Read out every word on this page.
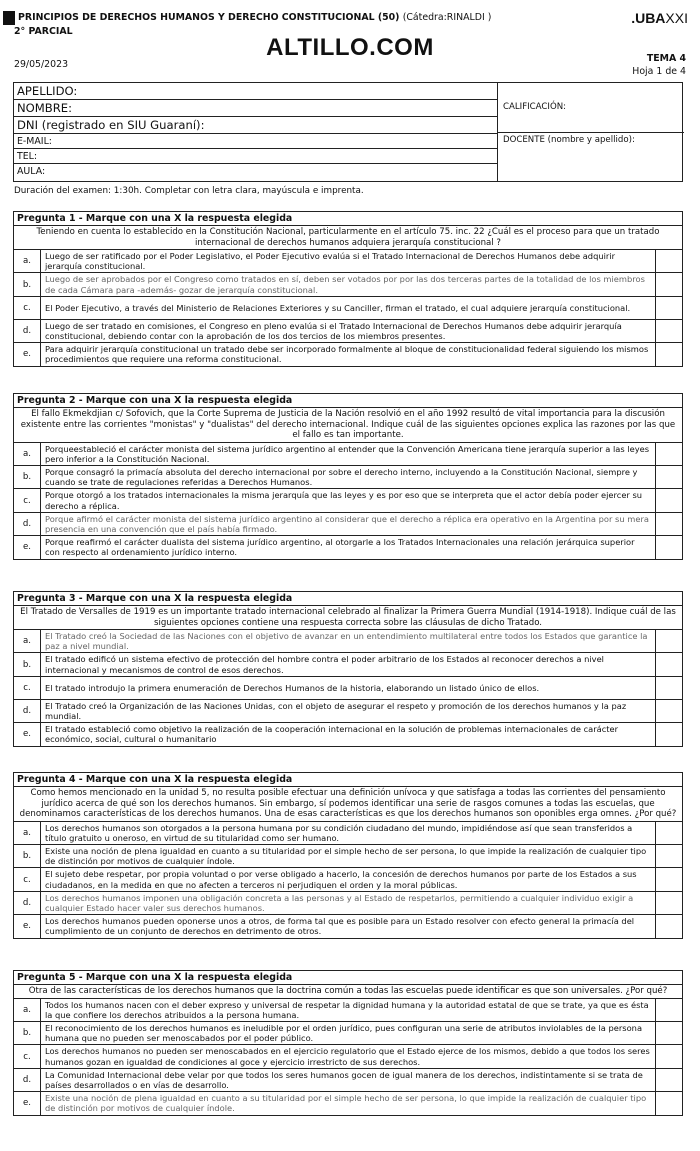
PRINCIPIOS DE DERECHOS HUMANOS Y DERECHO CONSTITUCIONAL (50) (Cátedra:RINALDI )
2° PARCIAL
ALTILLO.COM
.UBAXXI
29/05/2023
TEMA 4
Hoja 1 de 4
APELLIDO:
NOMBRE:
DNI (registrado en SIU Guaraní):
E-MAIL:
TEL:
AULA:
CALIFICACIÓN:
DOCENTE (nombre y apellido):
Duración del examen: 1:30h. Completar con letra clara, mayúscula e imprenta.
Pregunta 1 - Marque con una X la respuesta elegida
Teniendo en cuenta lo establecido en la Constitución Nacional, particularmente en el artículo 75. inc. 22 ¿Cuál es el proceso para que un tratado internacional de derechos humanos adquiera jerarquía constitucional ?
a.
Luego de ser ratificado por el Poder Legislativo, el Poder Ejecutivo evalúa si el Tratado Internacional de Derechos Humanos debe adquirir jerarquía constitucional.
b.
Luego de ser aprobados por el Congreso como tratados en sí, deben ser votados por por las dos terceras partes de la totalidad de los miembros de cada Cámara para -además- gozar de jerarquía constitucional.
c.	El Poder Ejecutivo, a través del Ministerio de Relaciones Exteriores y su Canciller, firman el tratado, el cual adquiere jerarquía constitucional.
d.
Luego de ser tratado en comisiones, el Congreso en pleno evalúa si el Tratado Internacional de Derechos Humanos debe adquirir jerarquía constitucional, debiendo contar con la aprobación de los dos tercios de los miembros presentes.
e.
Para adquirir jerarquía constitucional un tratado debe ser incorporado formalmente al bloque de constitucionalidad federal siguiendo los mismos procedimientos que requiere una reforma constitucional.
Pregunta 2 - Marque con una X la respuesta elegida
El fallo Ekmekdjian c/ Sofovich, que la Corte Suprema de Justicia de la Nación resolvió en el año 1992 resultó de vital importancia para la discusión existente entre las corrientes "monistas" y "dualistas" del derecho internacional. Indique cuál de las siguientes opciones explica las razones por las que el fallo es tan importante.
a.
Porqueestableció el carácter monista del sistema jurídico argentino al entender que la Convención Americana tiene jerarquía superior a las leyes pero inferior a la Constitución Nacional.
b.
Porque consagró la primacía absoluta del derecho internacional por sobre el derecho interno, incluyendo a la Constitución Nacional, siempre y cuando se trate de regulaciones referidas a Derechos Humanos.
c.
Porque otorgó a los tratados internacionales la misma jerarquía que las leyes y es por eso que se interpreta que el actor debía poder ejercer su derecho a réplica.
d.
Porque afirmó el carácter monista del sistema jurídico argentino al considerar que el derecho a réplica era operativo en la Argentina por su mera presencia en una convención que el país había firmado.
e.
Porque reafirmó el carácter dualista del sistema jurídico argentino, al otorgarle a los Tratados Internacionales una relación jerárquica superior con respecto al ordenamiento jurídico interno.
Pregunta 3 - Marque con una X la respuesta elegida
El Tratado de Versalles de 1919 es un importante tratado internacional celebrado al finalizar la Primera Guerra Mundial (1914-1918). Indique cuál de las siguientes opciones contiene una respuesta correcta sobre las cláusulas de dicho Tratado.
a.
El Tratado creó la Sociedad de las Naciones con el objetivo de avanzar en un entendimiento multilateral entre todos los Estados que garantice la paz a nivel mundial.
b.
El tratado edificó un sistema efectivo de protección del hombre contra el poder arbitrario de los Estados al reconocer derechos a nivel internacional y mecanismos de control de esos derechos.
c.	El tratado introdujo la primera enumeración de Derechos Humanos de la historia, elaborando un listado único de ellos.
d.
El Tratado creó la Organización de las Naciones Unidas, con el objeto de asegurar el respeto y promoción de los derechos humanos y la paz mundial.
e.
El tratado estableció como objetivo la realización de la cooperación internacional en la solución de problemas internacionales de carácter económico, social, cultural o humanitario
Pregunta 4 - Marque con una X la respuesta elegida
Como hemos mencionado en la unidad 5, no resulta posible efectuar una definición unívoca y que satisfaga a todas las corrientes del pensamiento jurídico acerca de qué son los derechos humanos. Sin embargo, sí podemos identificar una serie de rasgos comunes a todas las escuelas, que denominamos características de los derechos humanos. Una de esas características es que los derechos humanos son oponibles erga omnes. ¿Por qué?
a.
Los derechos humanos son otorgados a la persona humana por su condición ciudadano del mundo, impidiéndose así que sean transferidos a título gratuito u oneroso, en virtud de su titularidad como ser humano.
b.
Existe una noción de plena igualdad en cuanto a su titularidad por el simple hecho de ser persona, lo que impide la realización de cualquier tipo de distinción por motivos de cualquier índole.
c.
El sujeto debe respetar, por propia voluntad o por verse obligado a hacerlo, la concesión de derechos humanos por parte de los Estados a sus ciudadanos, en la medida en que no afecten a terceros ni perjudiquen el orden y la moral públicas.
d.
Los derechos humanos imponen una obligación concreta a las personas y al Estado de respetarlos, permitiendo a cualquier individuo exigir a cualquier Estado hacer valer sus derechos humanos.
e.
Los derechos humanos pueden oponerse unos a otros, de forma tal que es posible para un Estado resolver con efecto general la primacía del cumplimiento de un conjunto de derechos en detrimento de otros.
Pregunta 5 - Marque con una X la respuesta elegida
Otra de las características de los derechos humanos que la doctrina común a todas las escuelas puede identificar es que son universales. ¿Por qué?
a.
Todos los humanos nacen con el deber expreso y universal de respetar la dignidad humana y la autoridad estatal de que se trate, ya que es ésta la que confiere los derechos atribuidos a la persona humana.
b.
El reconocimiento de los derechos humanos es ineludible por el orden jurídico, pues configuran una serie de atributos inviolables de la persona humana que no pueden ser menoscabados por el poder público.
c.
Los derechos humanos no pueden ser menoscabados en el ejercicio regulatorio que el Estado ejerce de los mismos, debido a que todos los seres humanos gozan en igualdad de condiciones al goce y ejercicio irrestricto de sus derechos.
d.
La Comunidad Internacional debe velar por que todos los seres humanos gocen de igual manera de los derechos, indistintamente si se trata de países desarrollados o en vías de desarrollo.
e.
Existe una noción de plena igualdad en cuanto a su titularidad por el simple hecho de ser persona, lo que impide la realización de cualquier tipo de distinción por motivos de cualquier índole.
